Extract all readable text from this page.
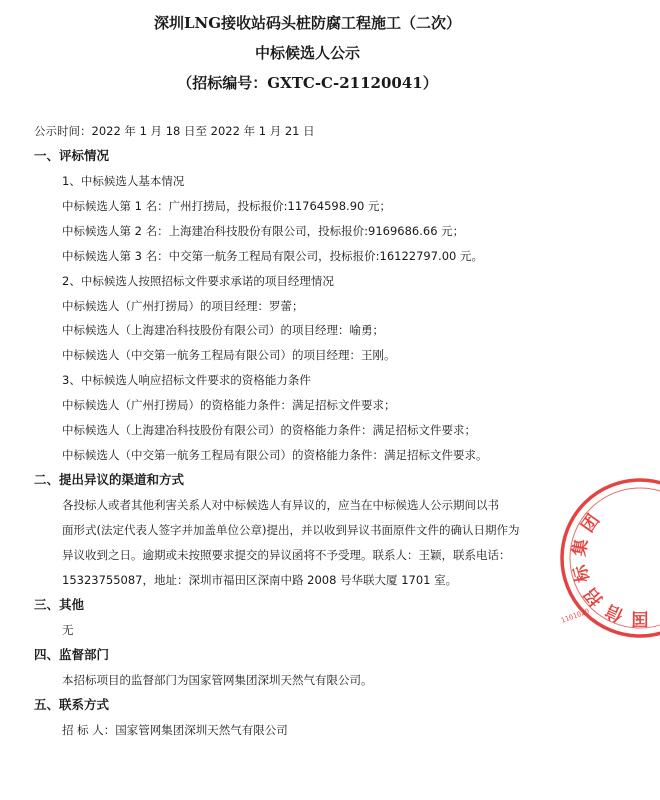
深圳LNG接收站码头桩防腐工程施工（二次）
中标候选人公示
（招标编号：GXTC-C-21120041）
公示时间：2022 年 1 月 18 日至 2022 年 1 月 21 日
一、评标情况
1、中标候选人基本情况
中标候选人第 1 名：广州打捞局，投标报价:11764598.90 元；
中标候选人第 2 名：上海建冶科技股份有限公司，投标报价:9169686.66 元；
中标候选人第 3 名：中交第一航务工程局有限公司，投标报价:16122797.00 元。
2、中标候选人按照招标文件要求承诺的项目经理情况
中标候选人（广州打捞局）的项目经理：罗蕾；
中标候选人（上海建冶科技股份有限公司）的项目经理：喻勇；
中标候选人（中交第一航务工程局有限公司）的项目经理：王刚。
3、中标候选人响应招标文件要求的资格能力条件
中标候选人（广州打捞局）的资格能力条件：满足招标文件要求；
中标候选人（上海建冶科技股份有限公司）的资格能力条件：满足招标文件要求；
中标候选人（中交第一航务工程局有限公司）的资格能力条件：满足招标文件要求。
二、提出异议的渠道和方式
各投标人或者其他利害关系人对中标候选人有异议的，应当在中标候选人公示期间以书
面形式(法定代表人签字并加盖单位公章)提出，并以收到异议书面原件文件的确认日期作为
异议收到之日。逾期或未按照要求提交的异议函将不予受理。联系人：王颖，联系电话：
15323755087，地址：深圳市福田区深南中路 2008 号华联大厦 1701 室。
三、其他
无
四、监督部门
本招标项目的监督部门为国家管网集团深圳天然气有限公司。
五、联系方式
招 标 人：国家管网集团深圳天然气有限公司
团
集
标
招
信 国
1101020
